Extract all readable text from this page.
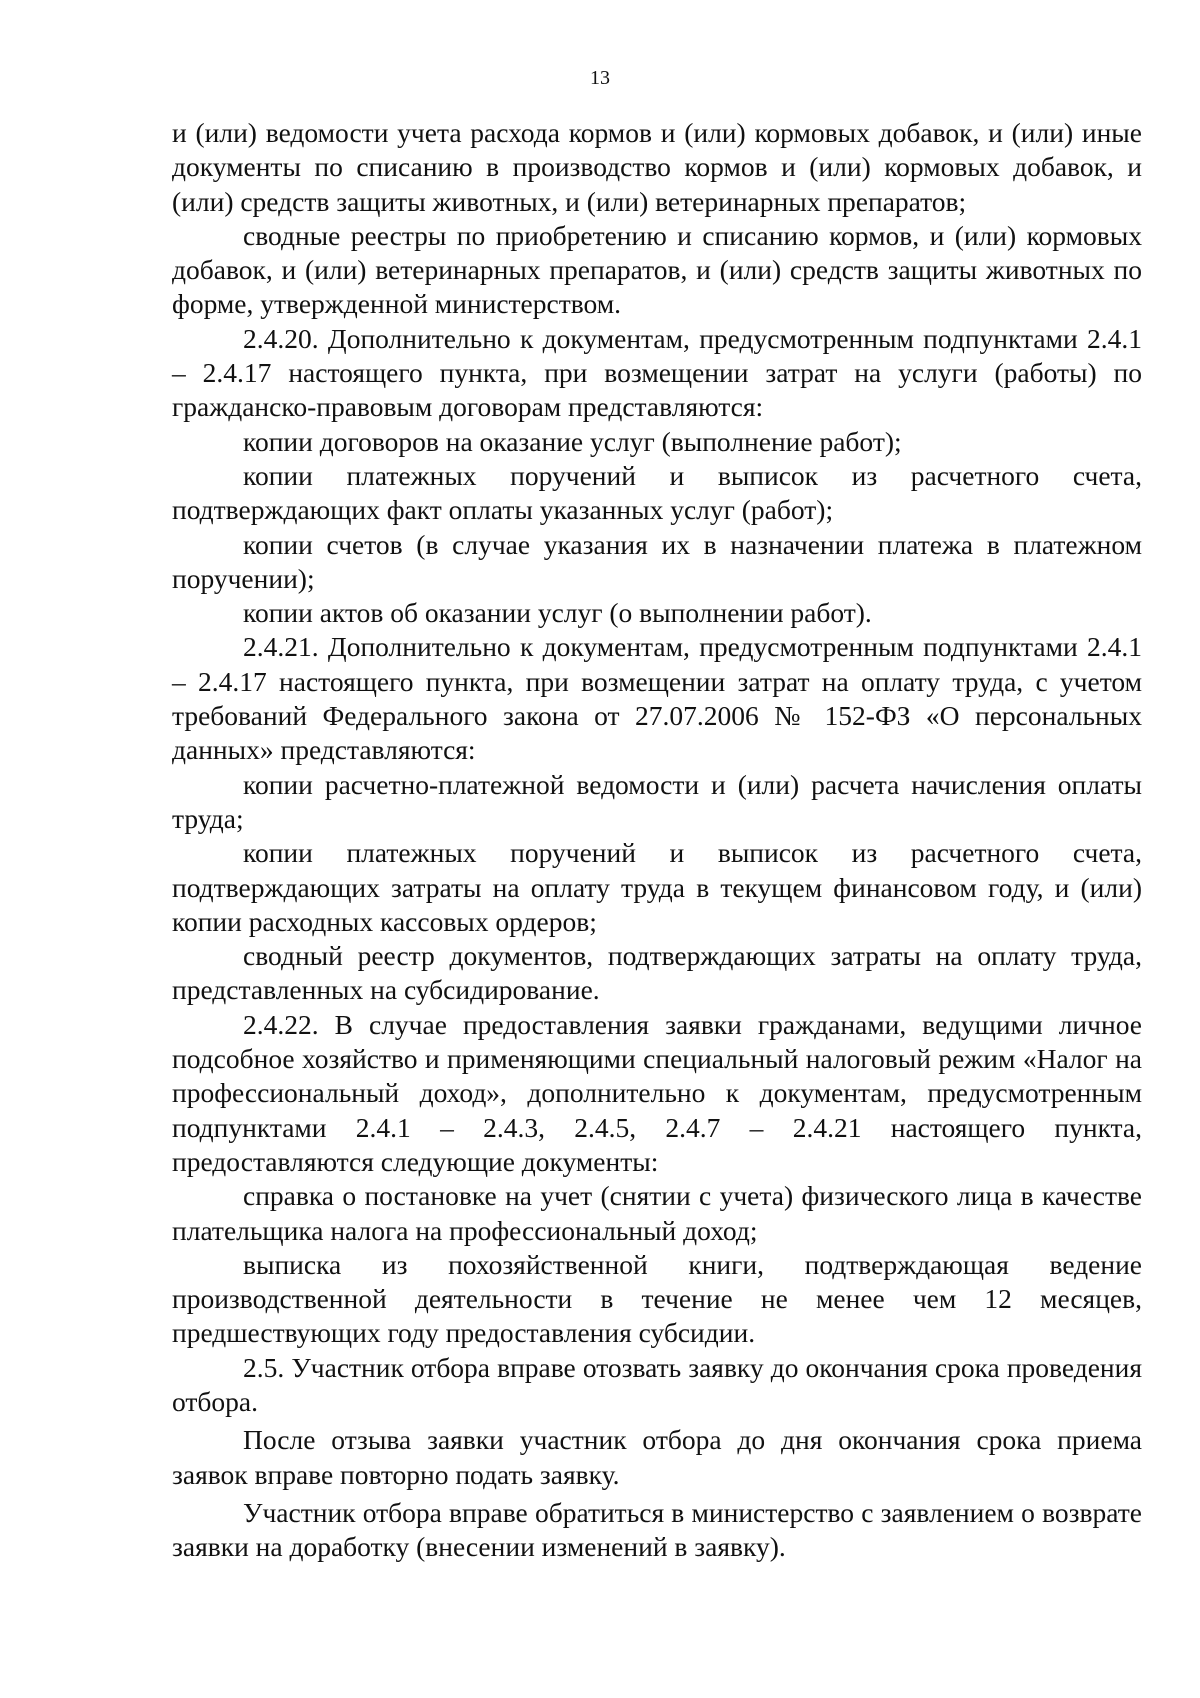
13

и (или) ведомости учета расхода кормов и (или) кормовых добавок, и (или) иные документы по списанию в производство кормов и (или) кормовых добавок, и (или) средств защиты животных, и (или) ветеринарных препаратов;

сводные реестры по приобретению и списанию кормов, и (или) кормовых добавок, и (или) ветеринарных препаратов, и (или) средств защиты животных по форме, утвержденной министерством.

2.4.20. Дополнительно к документам, предусмотренным подпунктами 2.4.1 – 2.4.17 настоящего пункта, при возмещении затрат на услуги (работы) по гражданско-правовым договорам представляются:

копии договоров на оказание услуг (выполнение работ);

копии платежных поручений и выписок из расчетного счета, подтверждающих факт оплаты указанных услуг (работ);

копии счетов (в случае указания их в назначении платежа в платежном поручении);

копии актов об оказании услуг (о выполнении работ).

2.4.21. Дополнительно к документам, предусмотренным подпунктами 2.4.1 – 2.4.17 настоящего пункта, при возмещении затрат на оплату труда, с учетом требований Федерального закона от 27.07.2006 № 152-ФЗ «О персональных данных» представляются:

копии расчетно-платежной ведомости и (или) расчета начисления оплаты труда;

копии платежных поручений и выписок из расчетного счета, подтверждающих затраты на оплату труда в текущем финансовом году, и (или) копии расходных кассовых ордеров;

сводный реестр документов, подтверждающих затраты на оплату труда, представленных на субсидирование.

2.4.22. В случае предоставления заявки гражданами, ведущими личное подсобное хозяйство и применяющими специальный налоговый режим «Налог на профессиональный доход», дополнительно к документам, предусмотренным подпунктами 2.4.1 – 2.4.3, 2.4.5, 2.4.7 – 2.4.21 настоящего пункта, предоставляются следующие документы:

справка о постановке на учет (снятии с учета) физического лица в качестве плательщика налога на профессиональный доход;

выписка из похозяйственной книги, подтверждающая ведение производственной деятельности в течение не менее чем 12 месяцев, предшествующих году предоставления субсидии.

2.5. Участник отбора вправе отозвать заявку до окончания срока проведения отбора.

После отзыва заявки участник отбора до дня окончания срока приема заявок вправе повторно подать заявку.

Участник отбора вправе обратиться в министерство с заявлением о возврате заявки на доработку (внесении изменений в заявку).
